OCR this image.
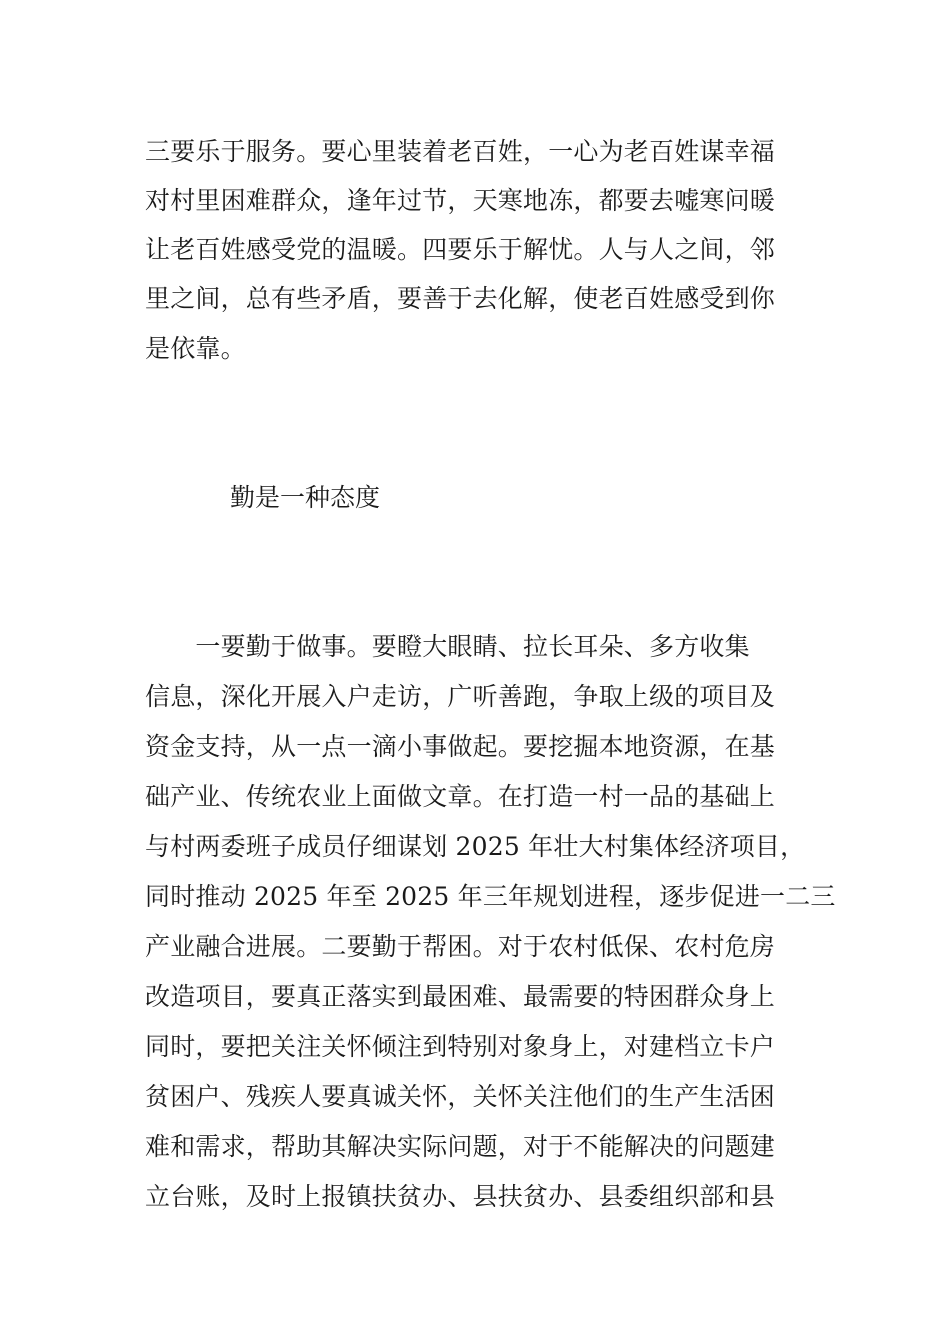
三要乐于服务。要心里装着老百姓，一心为老百姓谋幸福
对村里困难群众，逢年过节，天寒地冻，都要去嘘寒问暖
让老百姓感受党的温暖。四要乐于解忧。人与人之间，邻
里之间，总有些矛盾，要善于去化解，使老百姓感受到你
是依靠。
勤是一种态度
　　一要勤于做事。要瞪大眼睛、拉长耳朵、多方收集
信息，深化开展入户走访，广听善跑，争取上级的项目及
资金支持，从一点一滴小事做起。要挖掘本地资源，在基
础产业、传统农业上面做文章。在打造一村一品的基础上
与村两委班子成员仔细谋划 2025 年壮大村集体经济项目，
同时推动 2025 年至 2025 年三年规划进程，逐步促进一二三
产业融合进展。二要勤于帮困。对于农村低保、农村危房
改造项目，要真正落实到最困难、最需要的特困群众身上
同时，要把关注关怀倾注到特别对象身上，对建档立卡户
贫困户、残疾人要真诚关怀，关怀关注他们的生产生活困
难和需求，帮助其解决实际问题，对于不能解决的问题建
立台账，及时上报镇扶贫办、县扶贫办、县委组织部和县
